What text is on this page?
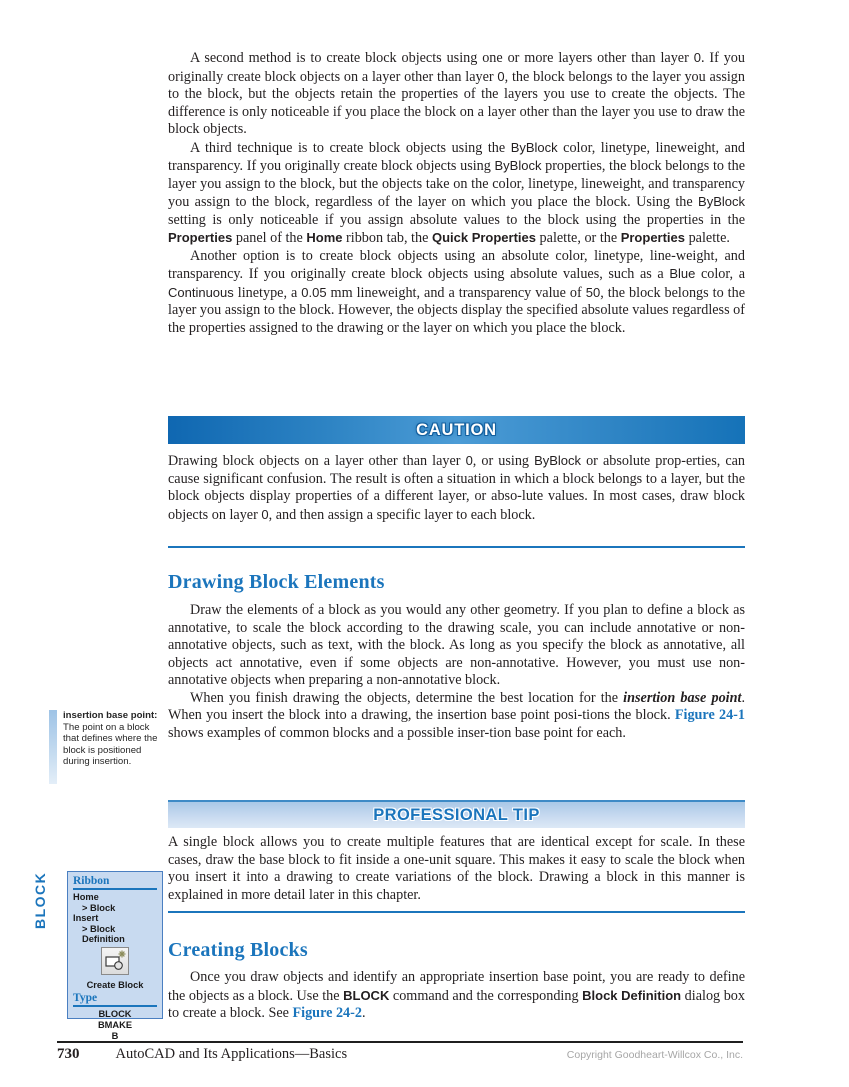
A second method is to create block objects using one or more layers other than layer 0. If you originally create block objects on a layer other than layer 0, the block belongs to the layer you assign to the block, but the objects retain the properties of the layers you use to create the objects. The difference is only noticeable if you place the block on a layer other than the layer you use to draw the block objects.

A third technique is to create block objects using the ByBlock color, linetype, lineweight, and transparency. If you originally create block objects using ByBlock properties, the block belongs to the layer you assign to the block, but the objects take on the color, linetype, lineweight, and transparency you assign to the block, regardless of the layer on which you place the block. Using the ByBlock setting is only noticeable if you assign absolute values to the block using the properties in the Properties panel of the Home ribbon tab, the Quick Properties palette, or the Properties palette.

Another option is to create block objects using an absolute color, linetype, line-weight, and transparency. If you originally create block objects using absolute values, such as a Blue color, a Continuous linetype, a 0.05 mm lineweight, and a transparency value of 50, the block belongs to the layer you assign to the block. However, the objects display the specified absolute values regardless of the properties assigned to the drawing or the layer on which you place the block.

CAUTION

Drawing block objects on a layer other than layer 0, or using ByBlock or absolute prop-erties, can cause significant confusion. The result is often a situation in which a block belongs to a layer, but the block objects display properties of a different layer, or abso-lute values. In most cases, draw block objects on layer 0, and then assign a specific layer to each block.

Drawing Block Elements

Draw the elements of a block as you would any other geometry. If you plan to define a block as annotative, to scale the block according to the drawing scale, you can include annotative or non-annotative objects, such as text, with the block. As long as you specify the block as annotative, all objects act annotative, even if some objects are non-annotative. However, you must use non-annotative objects when preparing a non-annotative block.

When you finish drawing the objects, determine the best location for the insertion base point. When you insert the block into a drawing, the insertion base point posi-tions the block. Figure 24-1 shows examples of common blocks and a possible inser-tion base point for each.

insertion base point: The point on a block that defines where the block is positioned during insertion.
PROFESSIONAL TIP

A single block allows you to create multiple features that are identical except for scale. In these cases, draw the base block to fit inside a one-unit square. This makes it easy to scale the block when you insert it into a drawing to create variations of the block. Drawing a block in this manner is explained in more detail later in this chapter.

Creating Blocks

Once you draw objects and identify an appropriate insertion base point, you are ready to define the objects as a block. Use the BLOCK command and the corresponding Block Definition dialog box to create a block. See Figure 24-2.

BLOCK Ribbon
Home
> Block
Insert
> Block Definition
Create Block
Type
BLOCK
BMAKE
B
730 AutoCAD and Its Applications—Basics	Copyright Goodheart-Willcox Co., Inc.
